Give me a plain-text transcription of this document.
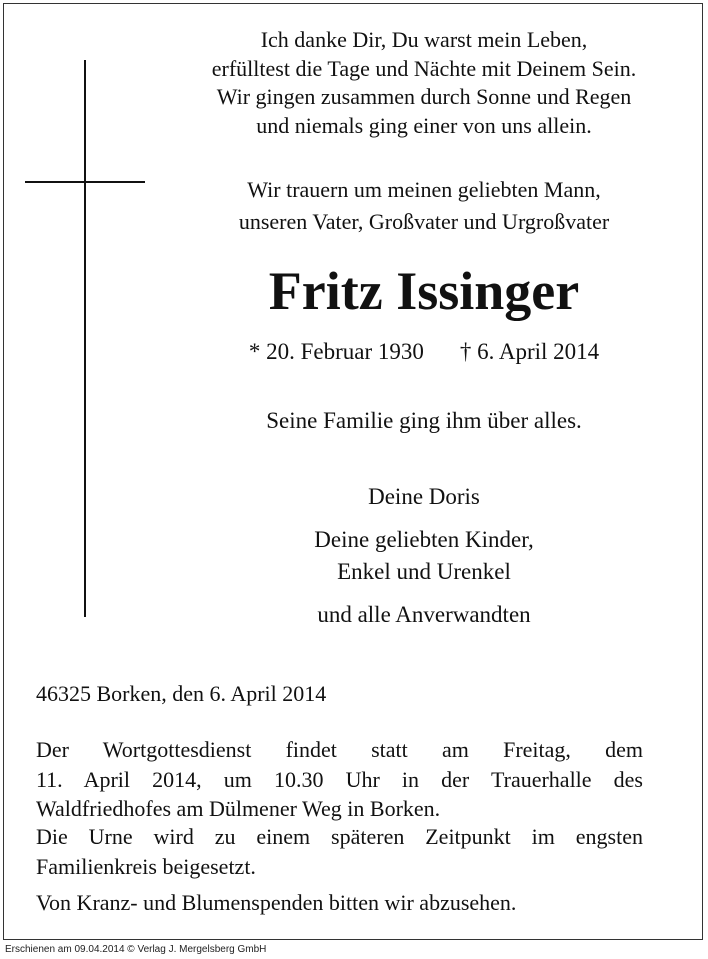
Ich danke Dir, Du warst mein Leben,
erfülltest die Tage und Nächte mit Deinem Sein.
Wir gingen zusammen durch Sonne und Regen
und niemals ging einer von uns allein.
Wir trauern um meinen geliebten Mann,
unseren Vater, Großvater und Urgroßvater
Fritz Issinger
* 20. Februar 1930 † 6. April 2014
Seine Familie ging ihm über alles.
Deine Doris
Deine geliebten Kinder,
Enkel und Urenkel
und alle Anverwandten
46325 Borken, den 6. April 2014
Der Wortgottesdienst findet statt am Freitag, dem
11. April 2014, um 10.30 Uhr in der Trauerhalle des
Waldfriedhofes am Dülmener Weg in Borken.
Die Urne wird zu einem späteren Zeitpunkt im engsten
Familienkreis beigesetzt.
Von Kranz- und Blumenspenden bitten wir abzusehen.
Erschienen am 09.04.2014 © Verlag J. Mergelsberg GmbH
